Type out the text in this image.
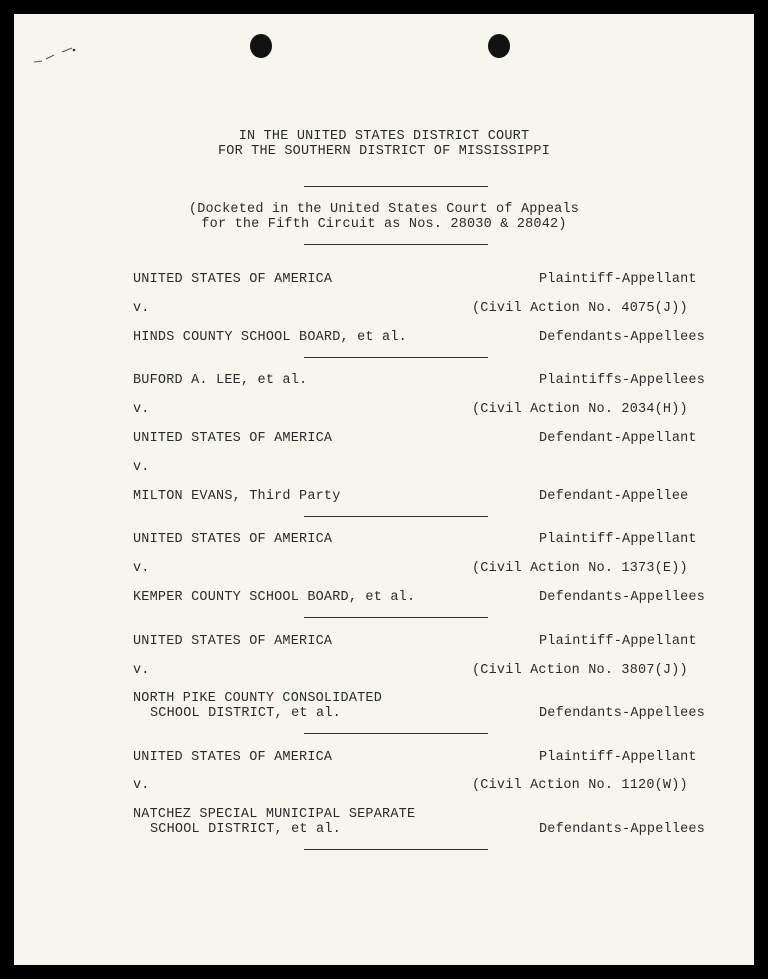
IN THE UNITED STATES DISTRICT COURT
FOR THE SOUTHERN DISTRICT OF MISSISSIPPI
(Docketed in the United States Court of Appeals
for the Fifth Circuit as Nos. 28030 & 28042)
UNITED STATES OF AMERICA	Plaintiff-Appellant
v.	(Civil Action No. 4075(J))
HINDS COUNTY SCHOOL BOARD, et al.	Defendants-Appellees
BUFORD A. LEE, et al.	Plaintiffs-Appellees
v.	(Civil Action No. 2034(H))
UNITED STATES OF AMERICA	Defendant-Appellant
v.
MILTON EVANS, Third Party	Defendant-Appellee
UNITED STATES OF AMERICA	Plaintiff-Appellant
v.	(Civil Action No. 1373(E))
KEMPER COUNTY SCHOOL BOARD, et al.	Defendants-Appellees
UNITED STATES OF AMERICA	Plaintiff-Appellant
v.	(Civil Action No. 3807(J))
NORTH PIKE COUNTY CONSOLIDATED
SCHOOL DISTRICT, et al.	Defendants-Appellees
UNITED STATES OF AMERICA	Plaintiff-Appellant
v.	(Civil Action No. 1120(W))
NATCHEZ SPECIAL MUNICIPAL SEPARATE
SCHOOL DISTRICT, et al.	Defendants-Appellees
